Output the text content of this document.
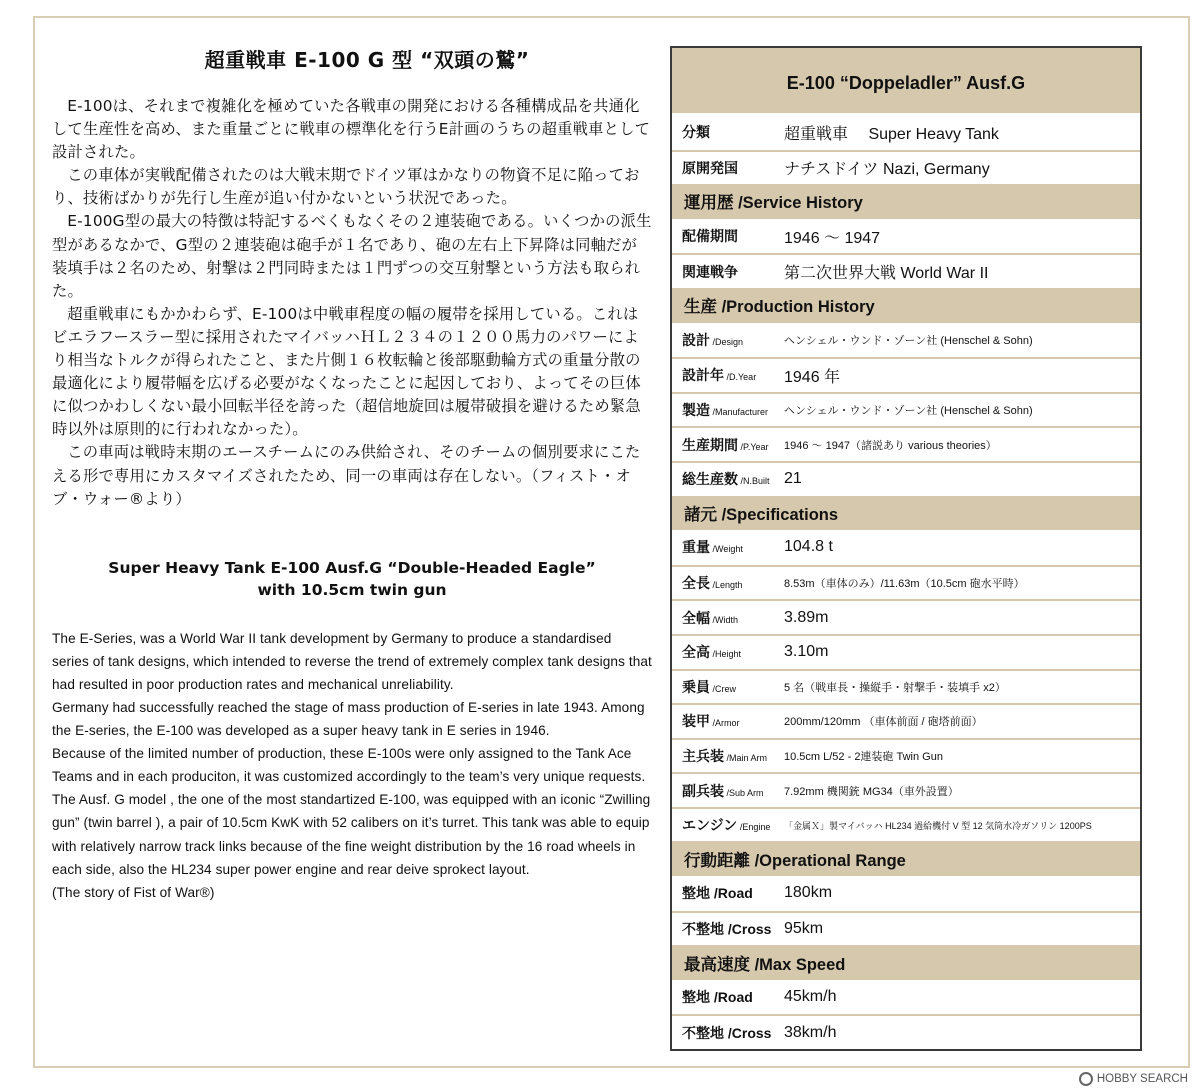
超重戦車 E-100 G 型 “双頭の鷲”

E-100は、それまで複雑化を極めていた各戦車の開発における各種構成品を共通化して生産性を高め、また重量ごとに戦車の標準化を行うE計画のうちの超重戦車として設計された。

この車体が実戦配備されたのは大戦末期でドイツ軍はかなりの物資不足に陥っており、技術ばかりが先行し生産が追い付かないという状況であった。

E-100G型の最大の特徴は特記するべくもなくその２連装砲である。いくつかの派生型があるなかで、G型の２連装砲は砲手が１名であり、砲の左右上下昇降は同軸だが装填手は２名のため、射撃は２門同時または１門ずつの交互射撃という方法も取られた。

超重戦車にもかかわらず、E-100は中戦車程度の幅の履帯を採用している。これはビエラフースラー型に採用されたマイバッハＨＬ２３４の１２００馬力のパワーにより相当なトルクが得られたこと、また片側１６枚転輪と後部駆動輪方式の重量分散の最適化により履帯幅を広げる必要がなくなったことに起因しており、よってその巨体に似つかわしくない最小回転半径を誇った（超信地旋回は履帯破損を避けるため緊急時以外は原則的に行われなかった）。

この車両は戦時末期のエースチームにのみ供給され、そのチームの個別要求にこたえる形で専用にカスタマイズされたため、同一の車両は存在しない。（フィスト・オブ・ウォー®より）

Super Heavy Tank E-100 Ausf.G “Double-Headed Eagle”
with 10.5cm twin gun

The E-Series, was a World War II tank development by Germany to produce a standardised series of tank designs, which intended to reverse the trend of extremely complex tank designs that had resulted in poor production rates and mechanical unreliability.

Germany had successfully reached the stage of mass production of E-series in late 1943. Among the E-series, the E-100 was developed as a super heavy tank in E series in 1946.

Because of the limited number of production, these E-100s were only assigned to the Tank Ace Teams and in each produciton, it was customized accordingly to the team’s very unique requests.

The Ausf. G model , the one of the most standartized E-100, was equipped with an iconic “Zwilling gun” (twin barrel ), a pair of 10.5cm KwK with 52 calibers on it’s turret. This tank was able to equip with relatively narrow track links because of the fine weight distribution by the 16 road wheels in each side, also the HL234 super power engine and rear deive sprokect layout.

(The story of Fist of War®)

E-100 “Doppeladler” Ausf.G
分類	超重戦車　 Super Heavy Tank
原開発国	ナチスドイツ Nazi, Germany
運用歴 /Service History
配備期間	1946 ～ 1947
関連戦争	第二次世界大戦 World War II
生産 /Production History
設計 /Design	ヘンシェル・ウンド・ゾーン社 (Henschel & Sohn)
設計年 /D.Year	1946 年
製造 /Manufacturer	ヘンシェル・ウンド・ゾーン社 (Henschel & Sohn)
生産期間 /P.Year	1946 ～ 1947（諸説あり various theories）
総生産数 /N.Built 21
諸元 /Specifications
重量 /Weight	104.8 t
全長 /Length	8.53m（車体のみ）/11.63m（10.5cm 砲水平時）
全幅 /Width	3.89m
全高 /Height	3.10m
乗員 /Crew	5 名（戦車長・操縦手・射撃手・装填手 x2）
装甲 /Armor	200mm/120mm （車体前面 / 砲塔前面）
主兵装 /Main Arm	10.5cm L/52 - 2連装砲 Twin Gun
副兵装 /Sub Arm	7.92mm 機関銃 MG34（車外設置）
エンジン /Engine	「金属Ｘ」製マイバッハ HL234 過給機付 V 型 12 気筒水冷ガソリン 1200PS
行動距離 /Operational Range
整地 /Road	180km
不整地 /Cross 95km
最高速度 /Max Speed
整地 /Road	45km/h
不整地 /Cross 38km/h
HOBBY SEARCH
